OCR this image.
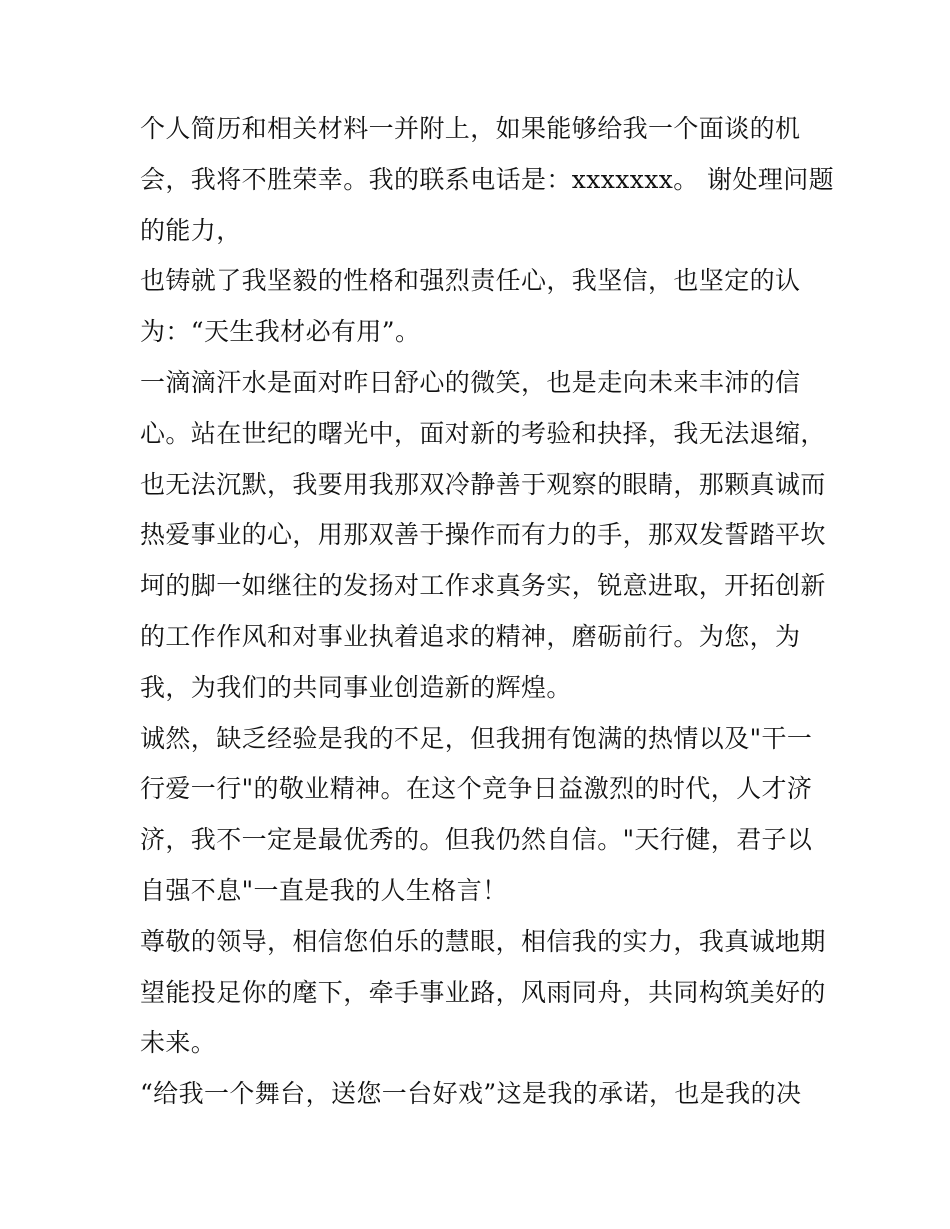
个人简历和相关材料一并附上，如果能够给我一个面谈的机
会，我将不胜荣幸。我的联系电话是：xxxxxxx。 谢处理问题
的能力，
也铸就了我坚毅的性格和强烈责任心，我坚信，也坚定的认
为：“天生我材必有用”。
一滴滴汗水是面对昨日舒心的微笑，也是走向未来丰沛的信
心。站在世纪的曙光中，面对新的考验和抉择，我无法退缩，
也无法沉默，我要用我那双冷静善于观察的眼睛，那颗真诚而
热爱事业的心，用那双善于操作而有力的手，那双发誓踏平坎
坷的脚一如继往的发扬对工作求真务实，锐意进取，开拓创新
的工作作风和对事业执着追求的精神，磨砺前行。为您，为
我，为我们的共同事业创造新的辉煌。
诚然，缺乏经验是我的不足，但我拥有饱满的热情以及"干一
行爱一行"的敬业精神。在这个竞争日益激烈的时代，人才济
济，我不一定是最优秀的。但我仍然自信。"天行健，君子以
自强不息"一直是我的人生格言！
尊敬的领导，相信您伯乐的慧眼，相信我的实力，我真诚地期
望能投足你的麾下，牵手事业路，风雨同舟，共同构筑美好的
未来。
“给我一个舞台，送您一台好戏”这是我的承诺，也是我的决
